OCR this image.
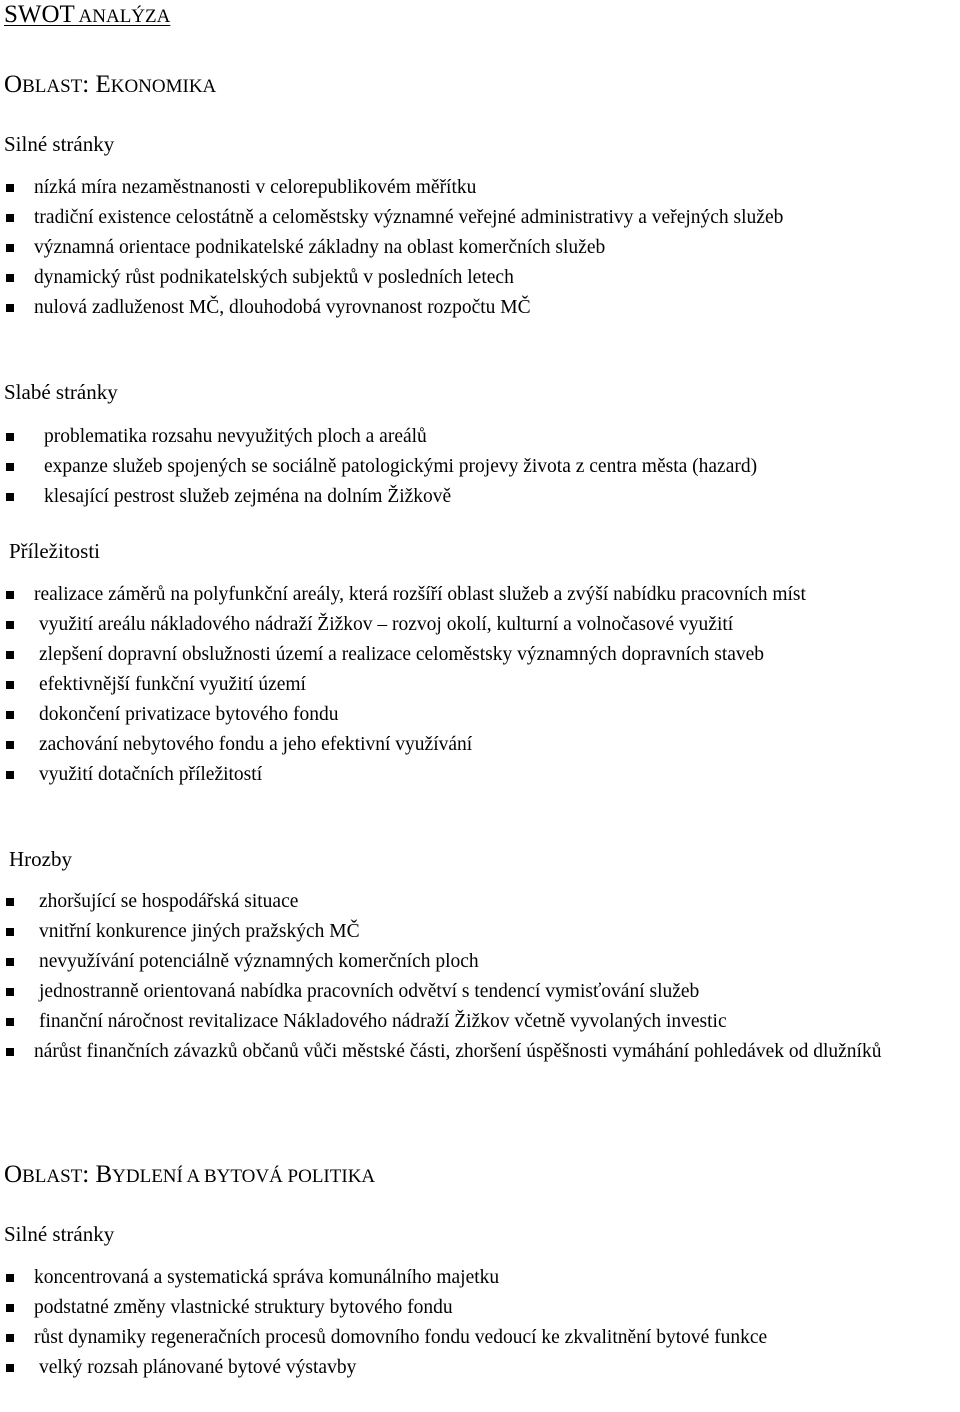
SWOT ANALÝZA
OBLAST: EKONOMIKA
Silné stránky
nízká míra nezaměstnanosti v celorepublikovém měřítku
tradiční existence celostátně a celoměstsky významné veřejné administrativy a veřejných služeb
významná orientace podnikatelské základny na oblast komerčních služeb
dynamický růst podnikatelských subjektů v posledních letech
nulová zadluženost MČ, dlouhodobá vyrovnanost rozpočtu MČ
Slabé stránky
problematika rozsahu nevyužitých ploch a areálů
expanze služeb spojených se sociálně patologickými projevy života z centra města (hazard)
klesající pestrost služeb zejména na dolním Žižkově
Příležitosti
realizace záměrů na polyfunkční areály, která rozšíří oblast služeb a zvýší nabídku pracovních míst
využití areálu nákladového nádraží Žižkov – rozvoj okolí, kulturní a volnočasové využití
zlepšení dopravní obslužnosti území a realizace celoměstsky významných dopravních staveb
efektivnější funkční využití území
dokončení privatizace bytového fondu
zachování nebytového fondu a jeho efektivní využívání
využití dotačních příležitostí
Hrozby
zhoršující se hospodářská situace
vnitřní konkurence jiných pražských MČ
nevyužívání potenciálně významných komerčních ploch
jednostranně orientovaná nabídka pracovních odvětví s tendencí vymisťování služeb
finanční náročnost revitalizace Nákladového nádraží Žižkov včetně vyvolaných investic
nárůst finančních závazků občanů vůči městské části, zhoršení úspěšnosti vymáhání pohledávek od dlužníků
OBLAST: BYDLENÍ A BYTOVÁ POLITIKA
Silné stránky
koncentrovaná a systematická správa komunálního majetku
podstatné změny vlastnické struktury bytového fondu
růst dynamiky regeneračních procesů domovního fondu vedoucí ke zkvalitnění bytové funkce
velký rozsah plánované bytové výstavby
